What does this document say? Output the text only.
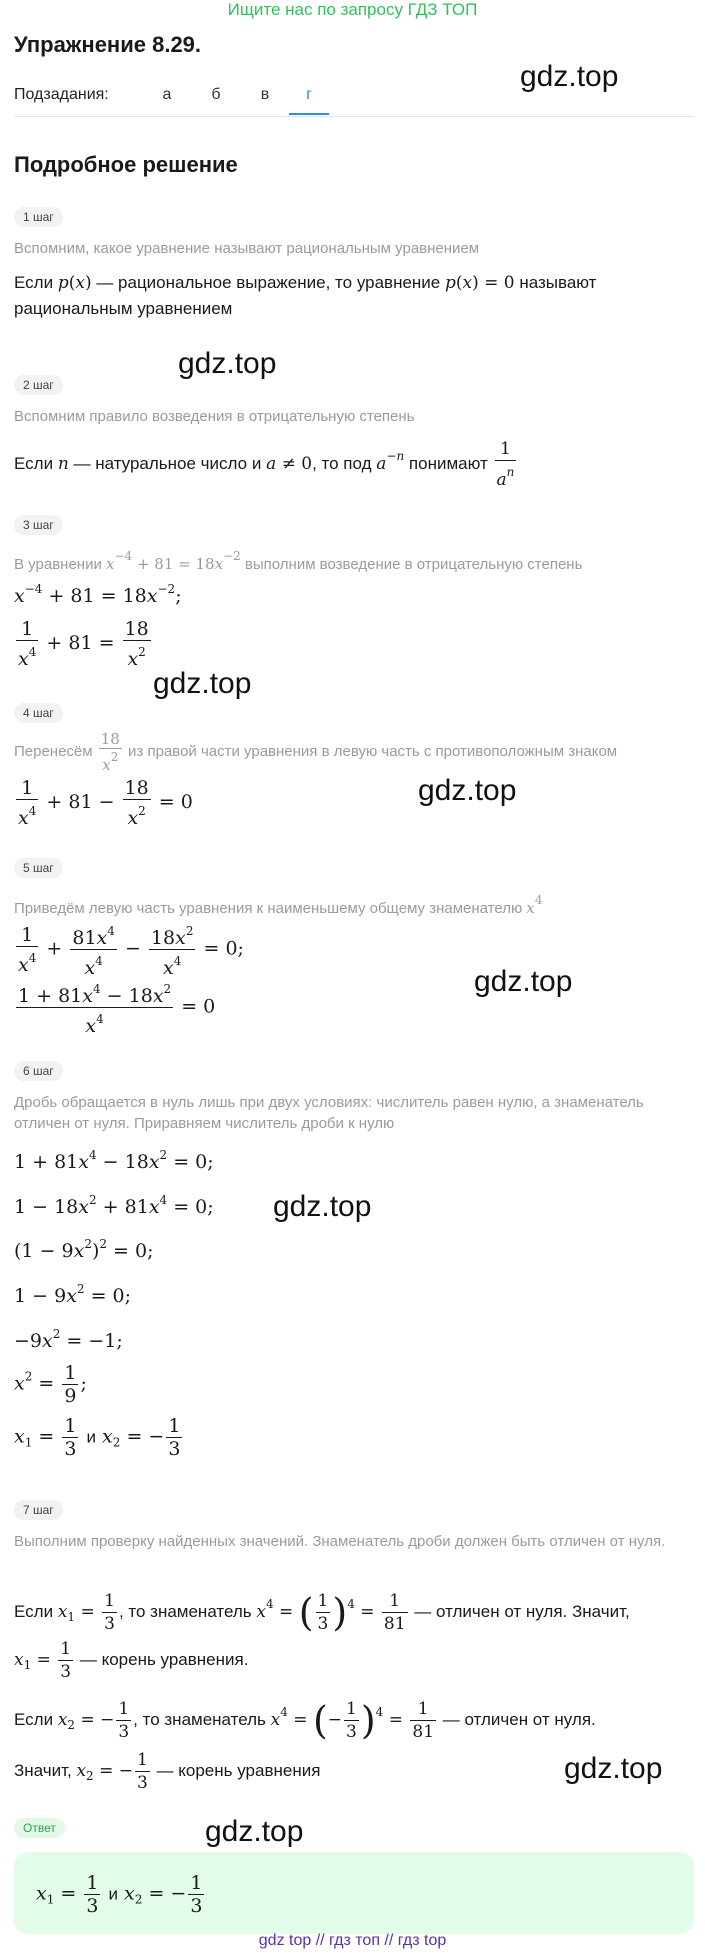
Ищите нас по запросу ГДЗ ТОП
Упражнение 8.29.
gdz.top
Подзадания:	а	б	в	г
Подробное решение
1 шаг
Вспомним, какое уравнение называют рациональным уравнением
Если p(x) — рациональное выражение, то уравнение p(x) = 0 называют
рациональным уравнением
gdz.top
2 шаг
Вспомним правило возведения в отрицательную степень
Если n — натуральное число и a ≠ 0, то под $a^{-n}$ понимают $\frac{1}{a^n}$
3 шаг
В уравнении $x^{-4} + 81 = 18x^{-2}$ выполним возведение в отрицательную степень
$x^{-4} + 81 = 18x^{-2}$;
$\frac{1}{x^4} + 81 = \frac{18}{x^2}$
gdz.top
4 шаг
Перенесём $\frac{18}{x^2}$ из правой части уравнения в левую часть с противоположным знаком
$\frac{1}{x^4} + 81 - \frac{18}{x^2} = 0$	gdz.top
5 шаг
Приведём левую часть уравнения к наименьшему общему знаменателю $x^4$
$\frac{1}{x^4} + \frac{81x^4}{x^4} - \frac{18x^2}{x^4} = 0$;
$\frac{1 + 81x^4 - 18x^2}{x^4} = 0$
gdz.top
6 шаг
Дробь обращается в нуль лишь при двух условиях: числитель равен нулю, а знаменатель отличен от нуля. Приравняем числитель дроби к нулю
$1 + 81x^4 - 18x^2 = 0$;
$1 - 18x^2 + 81x^4 = 0$; gdz.top
$(1 - 9x^2)^2 = 0$;
$1 - 9x^2 = 0$;
$-9x^2 = -1$;
$x^2 = \frac{1}{9}$ ;
$x_1 = \frac{1}{3}$ и $x_2$ = − $\frac{1}{3}$
7 шаг
Выполним проверку найденных значений. Знаменатель дроби должен быть отличен от нуля.
Если $x_1 = \frac{1}{3}$ , то знаменатель $x^4$ = ( $\frac{1}{3} )^4 = \frac{1}{81}$ — отличен от нуля. Значит,
$x_1 = \frac{1}{3}$ — корень уравнения.
Если $x_2$ = − $\frac{1}{3}$ , то знаменатель $x^4$ = (− $\frac{1}{3} )^4 = \frac{1}{81}$ — отличен от нуля.
Значит, $x_2$ = − $\frac{1}{3}$ — корень уравнения	gdz.top
Ответ	gdz.top
$x_1 = \frac{1}{3}$ и $x_2$ = − $\frac{1}{3}$
gdz top // гдз топ // гдз top
